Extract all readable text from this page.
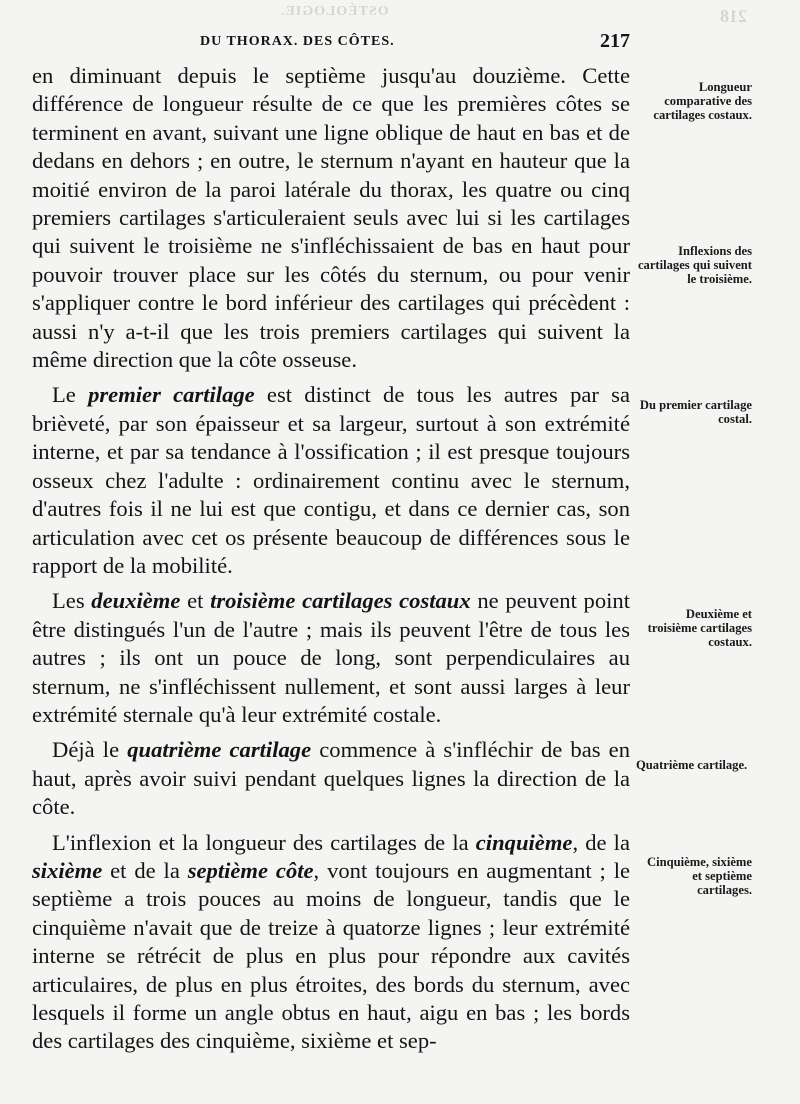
OSTÉOLOGIE.	218
DU THORAX. DES CÔTES.	217

en diminuant depuis le septième jusqu'au douzième. Cette différence de longueur résulte de ce que les premières côtes se terminent en avant, suivant une ligne oblique de haut en bas et de dedans en dehors ; en outre, le sternum n'ayant en hauteur que la moitié environ de la paroi latérale du thorax, les quatre ou cinq premiers cartilages s'articuleraient seuls avec lui si les cartilages qui suivent le troisième ne s'infléchissaient de bas en haut pour pouvoir trouver place sur les côtés du sternum, ou pour venir s'appliquer contre le bord inférieur des cartilages qui précèdent : aussi n'y a-t-il que les trois premiers cartilages qui suivent la même direction que la côte osseuse.

Le premier cartilage est distinct de tous les autres par sa brièveté, par son épaisseur et sa largeur, surtout à son extrémité interne, et par sa tendance à l'ossification ; il est presque toujours osseux chez l'adulte : ordinairement continu avec le sternum, d'autres fois il ne lui est que contigu, et dans ce dernier cas, son articulation avec cet os présente beaucoup de différences sous le rapport de la mobilité.

Les deuxième et troisième cartilages costaux ne peuvent point être distingués l'un de l'autre ; mais ils peuvent l'être de tous les autres ; ils ont un pouce de long, sont perpendiculaires au sternum, ne s'infléchissent nullement, et sont aussi larges à leur extrémité sternale qu'à leur extrémité costale.

Déjà le quatrième cartilage commence à s'infléchir de bas en haut, après avoir suivi pendant quelques lignes la direction de la côte.

L'inflexion et la longueur des cartilages de la cinquième, de la sixième et de la septième côte, vont toujours en augmentant ; le septième a trois pouces au moins de longueur, tandis que le cinquième n'avait que de treize à quatorze lignes ; leur extrémité interne se rétrécit de plus en plus pour répondre aux cavités articulaires, de plus en plus étroites, des bords du sternum, avec lesquels il forme un angle obtus en haut, aigu en bas ; les bords des cartilages des cinquième, sixième et sep-

Longueur comparative des cartilages costaux.
Inflexions des cartilages qui suivent le troisième.
Du premier cartilage costal.
Deuxième et troisième cartilages costaux.
Quatrième cartilage.
Cinquième, sixième et septième cartilages.
